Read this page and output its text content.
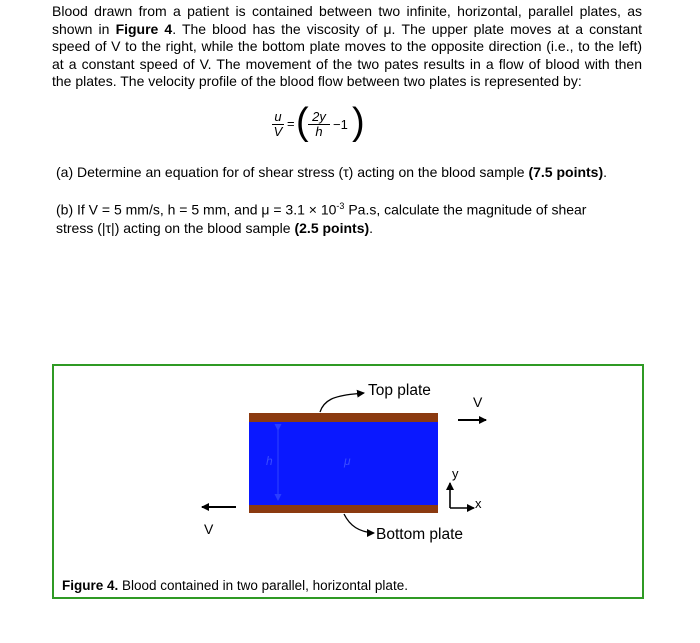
Blood drawn from a patient is contained between two infinite, horizontal, parallel plates, as shown in Figure 4. The blood has the viscosity of μ. The upper plate moves at a constant speed of V to the right, while the bottom plate moves to the opposite direction (i.e., to the left) at a constant speed of V. The movement of the two pates results in a flow of blood with then the plates. The velocity profile of the blood flow between two plates is represented by:

u
V
= ( 2y
h −1 )
(a) Determine an equation for of shear stress (τ) acting on the blood sample (7.5 points).
(b) If V = 5 mm/s, h = 5 mm, and $\mu = 3.1 \times 10^{-3}$ Pa.s, calculate the magnitude of shear
stress (|τ|) acting on the blood sample (2.5 points).
Top plate
Bottom plate
V
V
h	μ
y
x
Figure 4. Blood contained in two parallel, horizontal plate.
